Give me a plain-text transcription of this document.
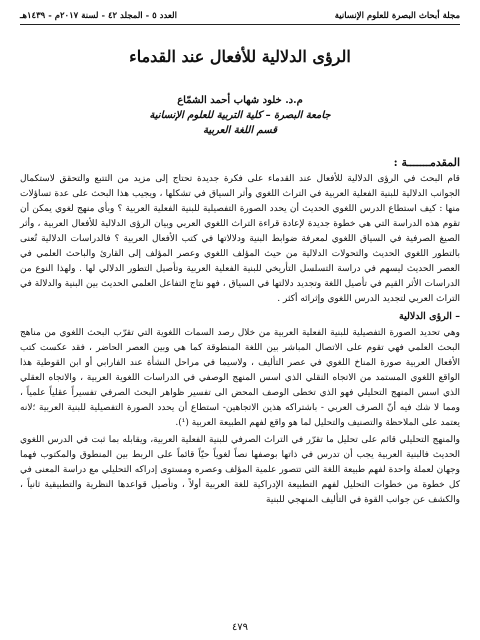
مجلة أبحاث البصرة للعلوم الإنسانية
العدد ٥ - المجلد ٤٢ - لسنة ٢٠١٧م - ١٤٣٩هـ
الرؤى الدلالية للأفعال عند القدماء
م.د. خلود شهاب أحمد الشمّاع
جامعة البصرة – كلية التربية للعلوم الإنسانية
قسم اللغة العربية
المقدمـــــــة :

قام البحث في الرؤى الدلالية للأفعال عند القدماء على فكرة جديدة تحتاج إلى مزيد من التتبع والتحقق لاستكمال الجوانب الدلالية للبنية الفعلية العربية في التراث اللغوي وأثر السياق في تشكلها ، ويجيب هذا البحث على عدة تساؤلات منها : كيف استطاع الدرس اللغوي الحديث أن يحدد الصورة التفصيلية للبنية الفعلية العربية ؟ وبأي منهج لغوي يمكن أن تقوم هذه الدراسة التي هي خطوة جديدة لإعادة قراءة التراث اللغوي العربي وبيان الرؤى الدلالية للأفعال العربية ، وأثر الصيغ الصرفية في السياق اللغوي لمعرفة ضوابط البنية ودلالاتها في كتب الأفعال العربية ؟ فالدراسات الدلالية تُعنى بالتطور اللغوي الحديث والتحولات الدلالية من حيث المؤلف اللغوي وعصر المؤلف إلى القارئ والباحث العلمي في العصر الحديث ليسهم في دراسة التسلسل التأريخي للبنية الفعلية العربية وتأصيل التطور الدلالي لها . ولهذا النوع من الدراسات الأثر القيم في تأصيل اللغة وتجديد دلالتها في السياق ، فهو نتاج التفاعل العلمي الحديث بين البنية والدلالة في التراث العربي لتجديد الدرس اللغوي وإثرائه أكثر .

– الرؤى الدلالية

وهي تحديد الصورة التفصيلية للبنية الفعلية العربية من خلال رصد السمات اللغوية التي تقرّب البحث اللغوي من مناهج البحث العلمي فهي تقوم على الاتصال المباشر بين اللغة المنطوقة كما هي وبين العصر الحاضر ، فقد عكست كتب الأفعال العربية صورة المناخ اللغوي في عصر التأليف ، ولاسيما في مراحل النشأة عند الفارابي أو ابن القوطية هذا الواقع اللغوي المستمد من الاتجاه النقلي الذي اسس المنهج الوصفي في الدراسات اللغوية العربية ، والاتجاه العقلي الذي اسس المنهج التحليلي فهو الذي تخطى الوصف المحض الى تفسير ظواهر البحث الصرفي تفسيراً عقلياً علمياً ، ومما لا شك فيه أنّ الصرف العربي - باشتراكه هذين الاتجاهين- استطاع أن يحدد الصورة التفصيلية للبنية العربية ؛لانه يعتمد على الملاحظة والتصنيف والتحليل لما هو واقع لفهم الطبيعة العربية (¹).

والمنهج التحليلي قائم على تحليل ما تقرّر في التراث الصرفي للبنية الفعلية العربية، ويقابله بما ثبت في الدرس اللغوي الحديث فالبنية العربية يجب أن تدرس في ذاتها بوصفها نصاً لغوياً حيّاً قائماً على الربط بين المنطوق والمكتوب فهما وجهان لعملة واحدة لفهم طبيعة اللغة التي تتصور علمية المؤلف وعصره ومستوى إدراكه التحليلي مع دراسة المعنى في كل خطوة من خطوات التحليل لفهم التطبيعة الإدراكية للغة العربية أولاً ، وتأصيل قواعدها النظرية والتطبيقية ثانياً ، والكشف عن جوانب القوة في التأليف المنهجي للبنية

٤٧٩
